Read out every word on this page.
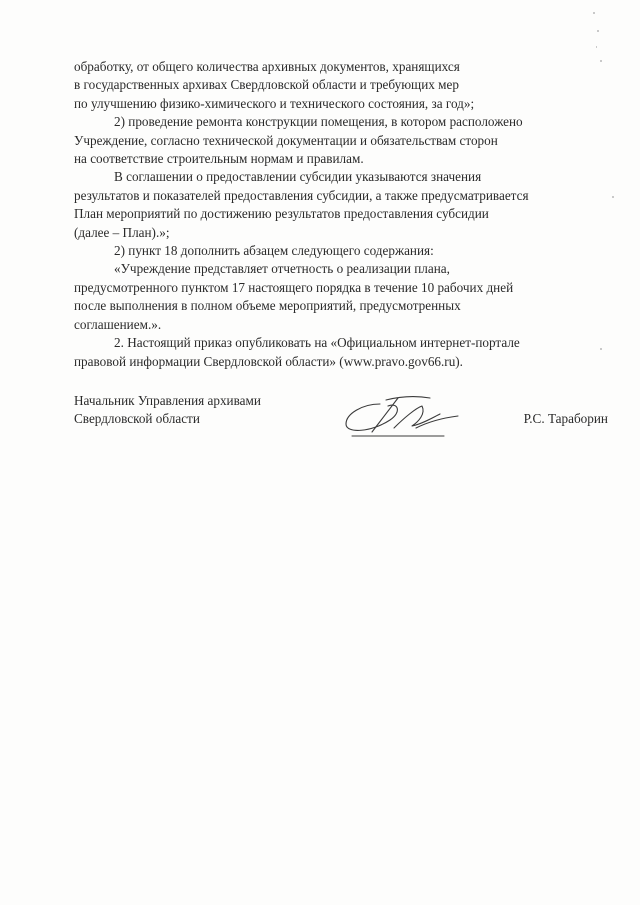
обработку, от общего количества архивных документов, хранящихся
в государственных архивах Свердловской области и требующих мер
по улучшению физико-химического и технического состояния, за год»;

2) проведение ремонта конструкции помещения, в котором расположено
Учреждение, согласно технической документации и обязательствам сторон
на соответствие строительным нормам и правилам.

В соглашении о предоставлении субсидии указываются значения
результатов и показателей предоставления субсидии, а также предусматривается
План мероприятий по достижению результатов предоставления субсидии
(далее – План).»;

2) пункт 18 дополнить абзацем следующего содержания:

«Учреждение представляет отчетность о реализации плана,
предусмотренного пунктом 17 настоящего порядка в течение 10 рабочих дней
после выполнения в полном объеме мероприятий, предусмотренных
соглашением.».

2. Настоящий приказ опубликовать на «Официальном интернет-портале
правовой информации Свердловской области» (www.pravo.gov66.ru).

Начальник Управления архивами

Свердловской области	Р.С. Тараборин
